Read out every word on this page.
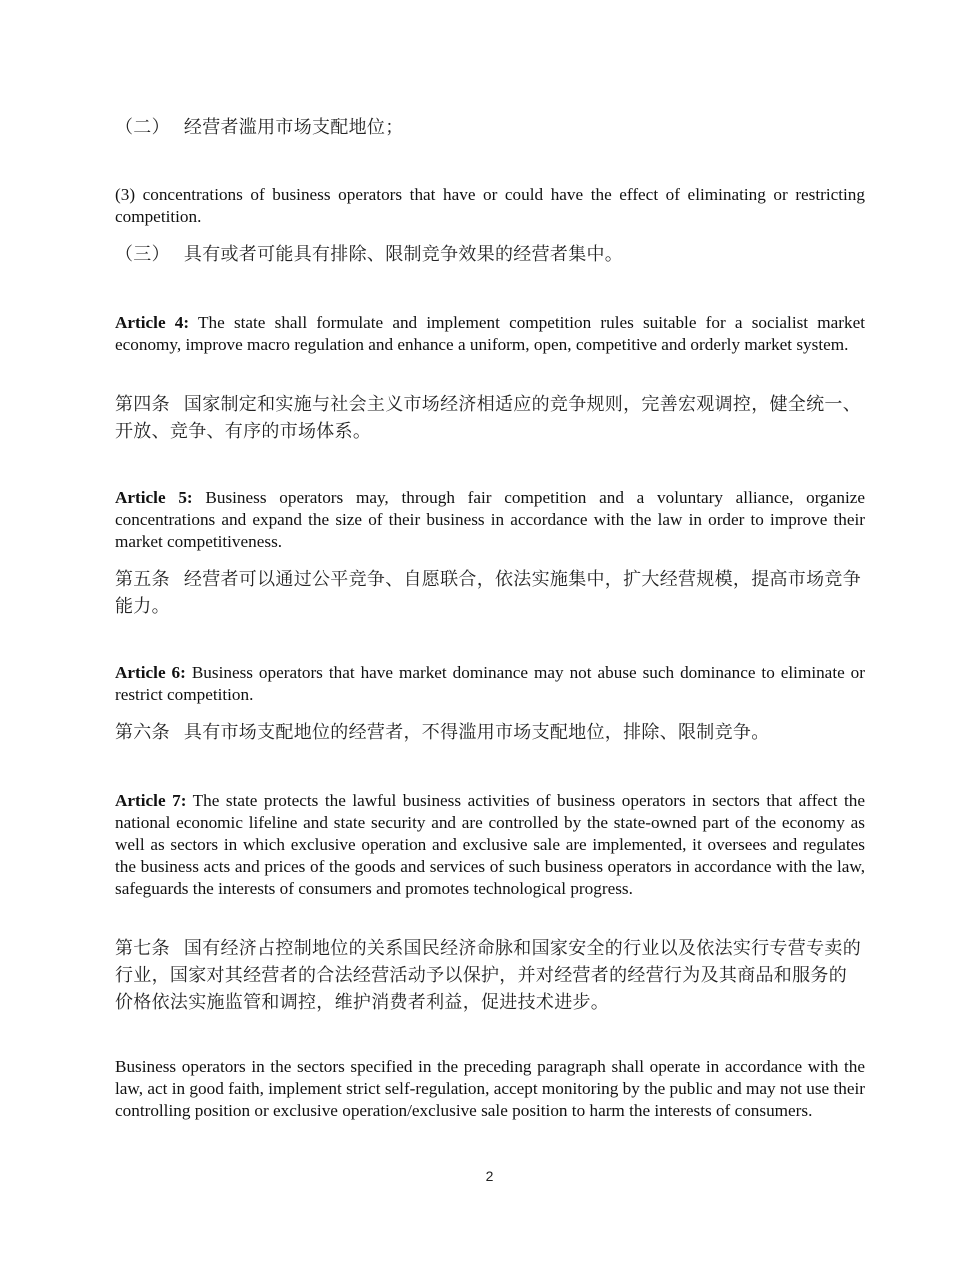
（二） 经营者滥用市场支配地位；

(3) concentrations of business operators that have or could have the effect of eliminating or restricting competition.

（三） 具有或者可能具有排除、限制竞争效果的经营者集中。

Article 4: The state shall formulate and implement competition rules suitable for a socialist market economy, improve macro regulation and enhance a uniform, open, competitive and orderly market system.

第四条 国家制定和实施与社会主义市场经济相适应的竞争规则，完善宏观调控，健全统一、开放、竞争、有序的市场体系。

Article 5: Business operators may, through fair competition and a voluntary alliance, organize concentrations and expand the size of their business in accordance with the law in order to improve their market competitiveness.

第五条 经营者可以通过公平竞争、自愿联合，依法实施集中，扩大经营规模，提高市场竞争能力。

Article 6: Business operators that have market dominance may not abuse such dominance to eliminate or restrict competition.

第六条 具有市场支配地位的经营者，不得滥用市场支配地位，排除、限制竞争。

Article 7: The state protects the lawful business activities of business operators in sectors that affect the national economic lifeline and state security and are controlled by the state-owned part of the economy as well as sectors in which exclusive operation and exclusive sale are implemented, it oversees and regulates the business acts and prices of the goods and services of such business operators in accordance with the law, safeguards the interests of consumers and promotes technological progress.

第七条 国有经济占控制地位的关系国民经济命脉和国家安全的行业以及依法实行专营专卖的行业，国家对其经营者的合法经营活动予以保护，并对经营者的经营行为及其商品和服务的价格依法实施监管和调控，维护消费者利益，促进技术进步。

Business operators in the sectors specified in the preceding paragraph shall operate in accordance with the law, act in good faith, implement strict self-regulation, accept monitoring by the public and may not use their controlling position or exclusive operation/exclusive sale position to harm the interests of consumers.

2
